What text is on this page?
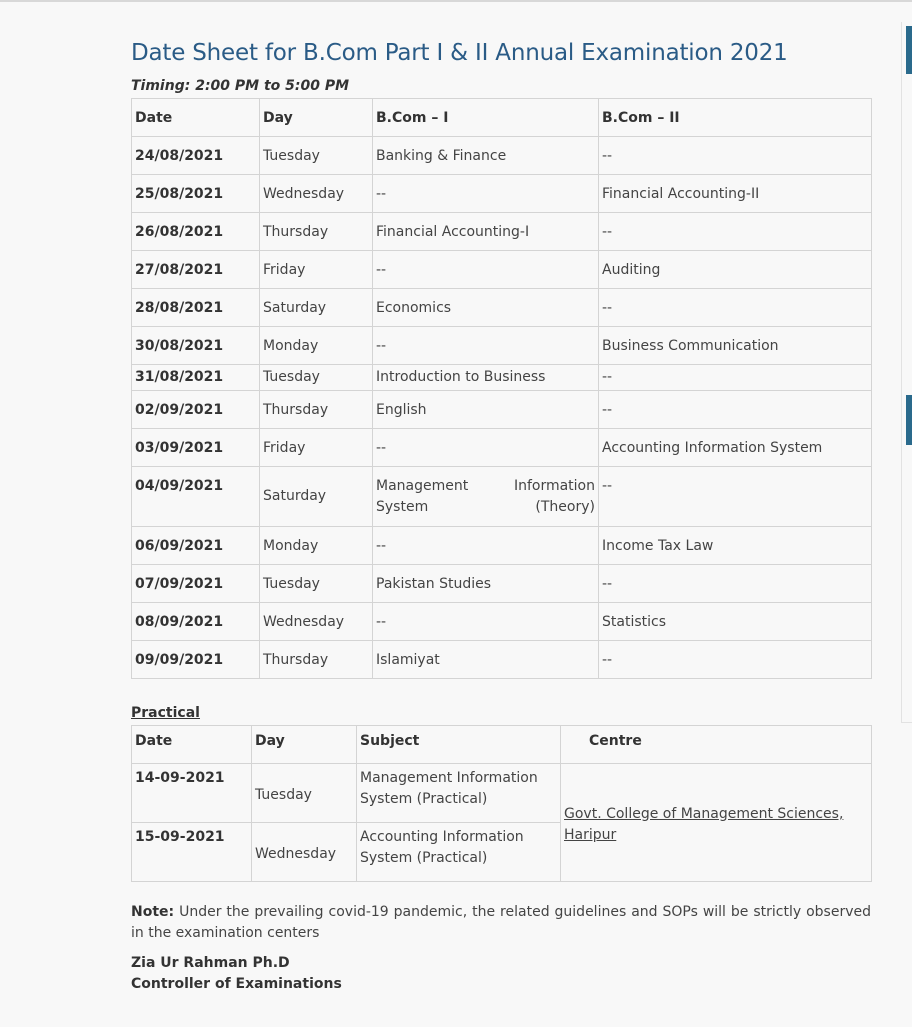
Date Sheet for B.Com Part I & II Annual Examination 2021
Timing: 2:00 PM to 5:00 PM
Date	Day	B.Com – I	B.Com – II
24/08/2021	Tuesday	Banking & Finance	--
25/08/2021	Wednesday	--	Financial Accounting-II
26/08/2021	Thursday	Financial Accounting-I	--
27/08/2021	Friday	--	Auditing
28/08/2021	Saturday	Economics	--
30/08/2021	Monday	--	Business Communication
31/08/2021	Tuesday	Introduction to Business	--
02/09/2021	Thursday	English	--
03/09/2021	Friday	--	Accounting Information System
04/09/2021	Saturday	Management Information System (Theory)	--
06/09/2021	Monday	--	Income Tax Law
07/09/2021	Tuesday	Pakistan Studies	--
08/09/2021	Wednesday	--	Statistics
09/09/2021	Thursday	Islamiyat	--
Practical
Date	Day	Subject	Centre
14-09-2021	Tuesday	Management Information System (Practical)	Govt. College of Management Sciences, Haripur
15-09-2021	Wednesday	Accounting Information System (Practical)	
Note: Under the prevailing covid-19 pandemic, the related guidelines and SOPs will be strictly observed in the examination centers
Zia Ur Rahman Ph.D
Controller of Examinations
